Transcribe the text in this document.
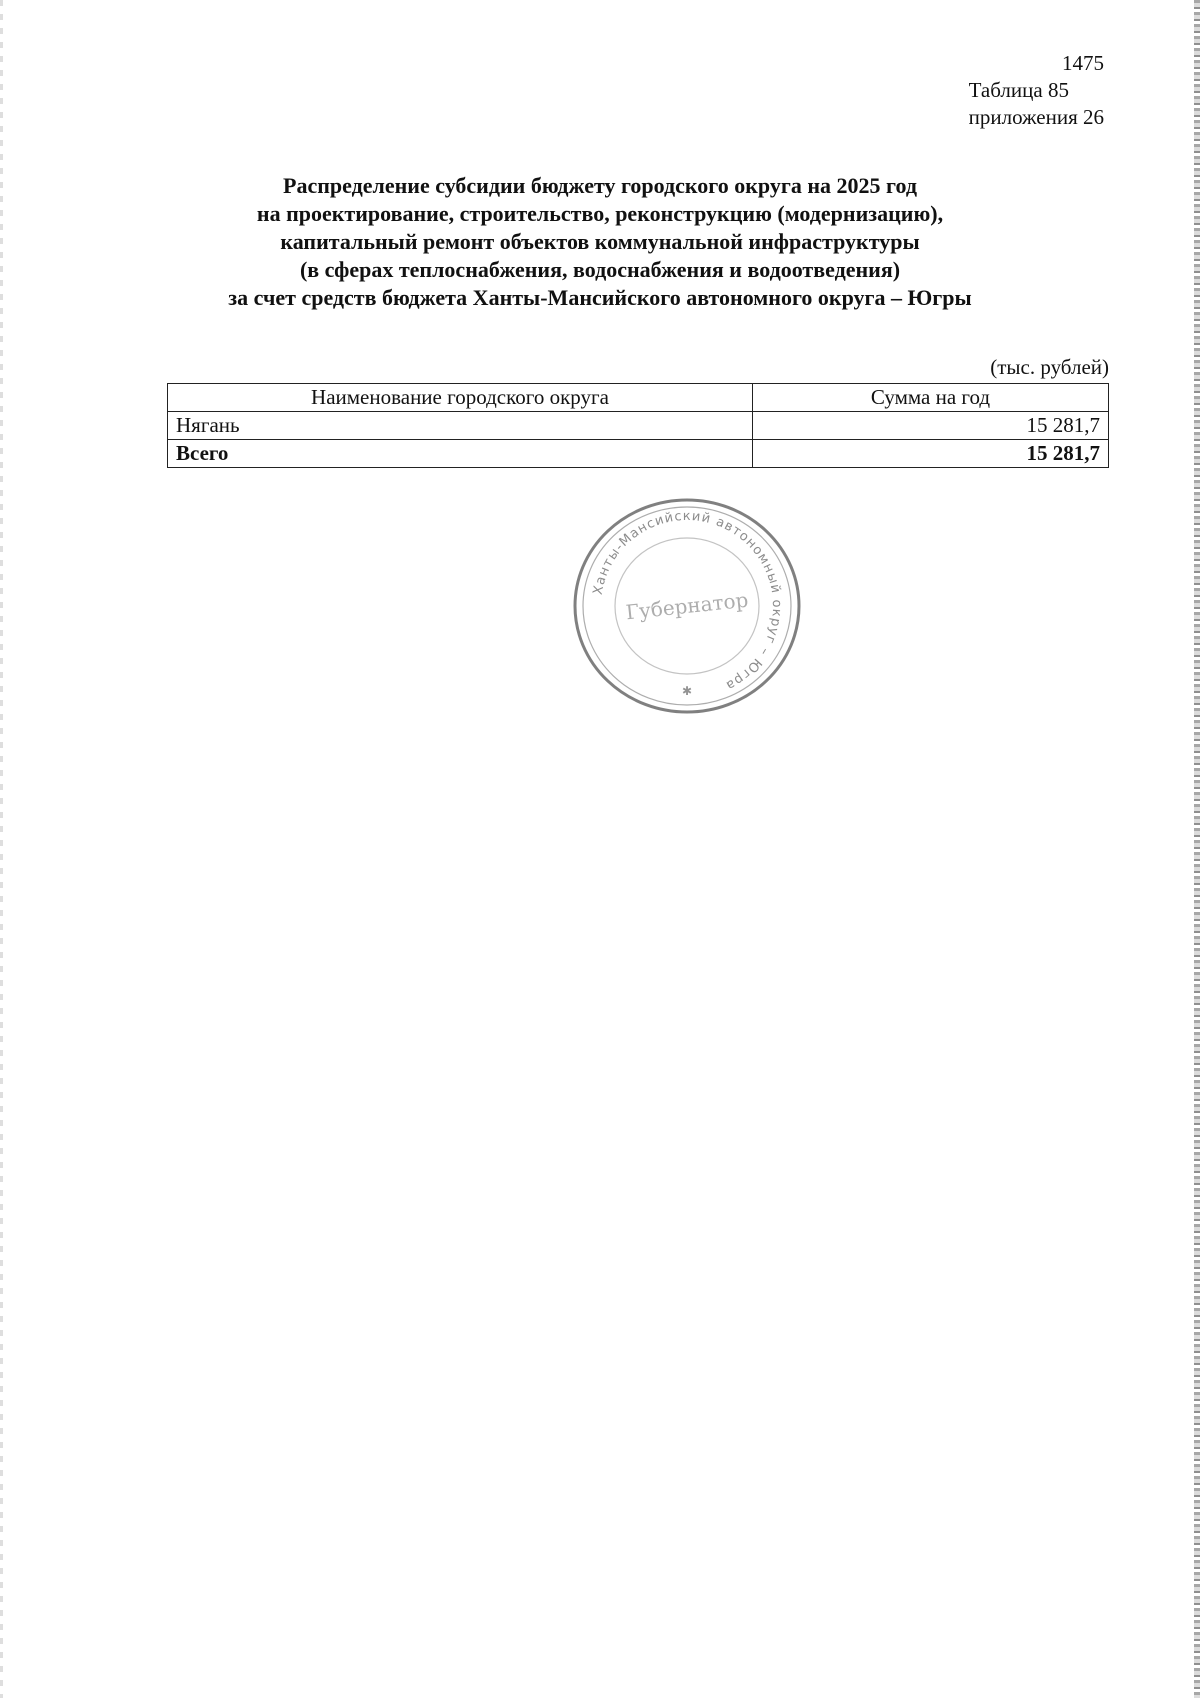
1475
Таблица 85
приложения 26
Распределение субсидии бюджету городского округа на 2025 год
на проектирование, строительство, реконструкцию (модернизацию),
капитальный ремонт объектов коммунальной инфраструктуры
(в сферах теплоснабжения, водоснабжения и водоотведения)
за счет средств бюджета Ханты-Мансийского автономного округа – Югры
(тыс. рублей)
Наименование городского округа	Сумма на год
Нягань	15 281,7
Всего	15 281,7
Ханты-Мансийский автономный округ – Югра
Губернатор
✱
